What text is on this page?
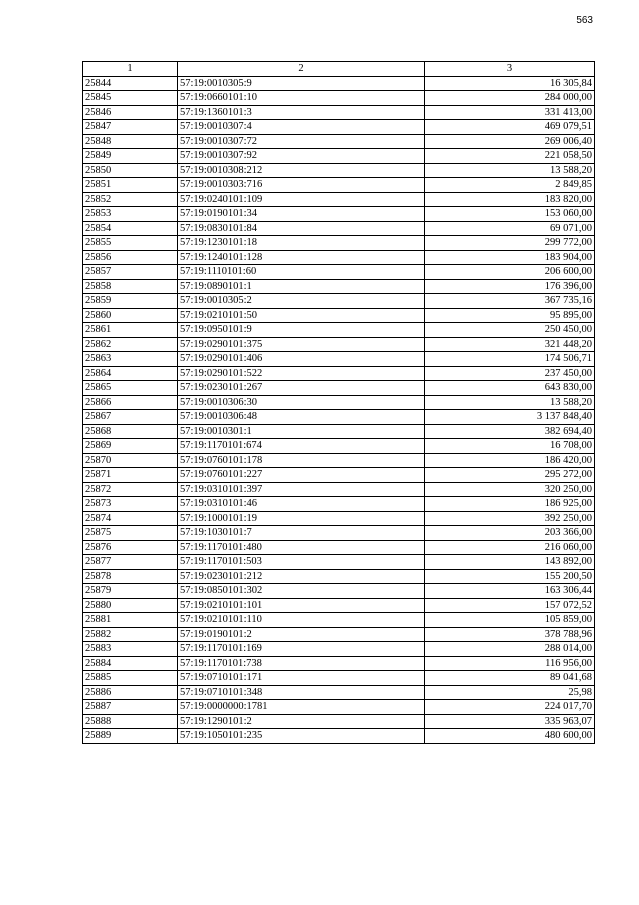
563
1	2	3
25844	57:19:0010305:9	16 305,84
25845	57:19:0660101:10	284 000,00
25846	57:19:1360101:3	331 413,00
25847	57:19:0010307:4	469 079,51
25848	57:19:0010307:72	269 006,40
25849	57:19:0010307:92	221 058,50
25850	57:19:0010308:212	13 588,20
25851	57:19:0010303:716	2 849,85
25852	57:19:0240101:109	183 820,00
25853	57:19:0190101:34	153 060,00
25854	57:19:0830101:84	69 071,00
25855	57:19:1230101:18	299 772,00
25856	57:19:1240101:128	183 904,00
25857	57:19:1110101:60	206 600,00
25858	57:19:0890101:1	176 396,00
25859	57:19:0010305:2	367 735,16
25860	57:19:0210101:50	95 895,00
25861	57:19:0950101:9	250 450,00
25862	57:19:0290101:375	321 448,20
25863	57:19:0290101:406	174 506,71
25864	57:19:0290101:522	237 450,00
25865	57:19:0230101:267	643 830,00
25866	57:19:0010306:30	13 588,20
25867	57:19:0010306:48	3 137 848,40
25868	57:19:0010301:1	382 694,40
25869	57:19:1170101:674	16 708,00
25870	57:19:0760101:178	186 420,00
25871	57:19:0760101:227	295 272,00
25872	57:19:0310101:397	320 250,00
25873	57:19:0310101:46	186 925,00
25874	57:19:1000101:19	392 250,00
25875	57:19:1030101:7	203 366,00
25876	57:19:1170101:480	216 060,00
25877	57:19:1170101:503	143 892,00
25878	57:19:0230101:212	155 200,50
25879	57:19:0850101:302	163 306,44
25880	57:19:0210101:101	157 072,52
25881	57:19:0210101:110	105 859,00
25882	57:19:0190101:2	378 788,96
25883	57:19:1170101:169	288 014,00
25884	57:19:1170101:738	116 956,00
25885	57:19:0710101:171	89 041,68
25886	57:19:0710101:348	25,98
25887	57:19:0000000:1781	224 017,70
25888	57:19:1290101:2	335 963,07
25889	57:19:1050101:235	480 600,00
